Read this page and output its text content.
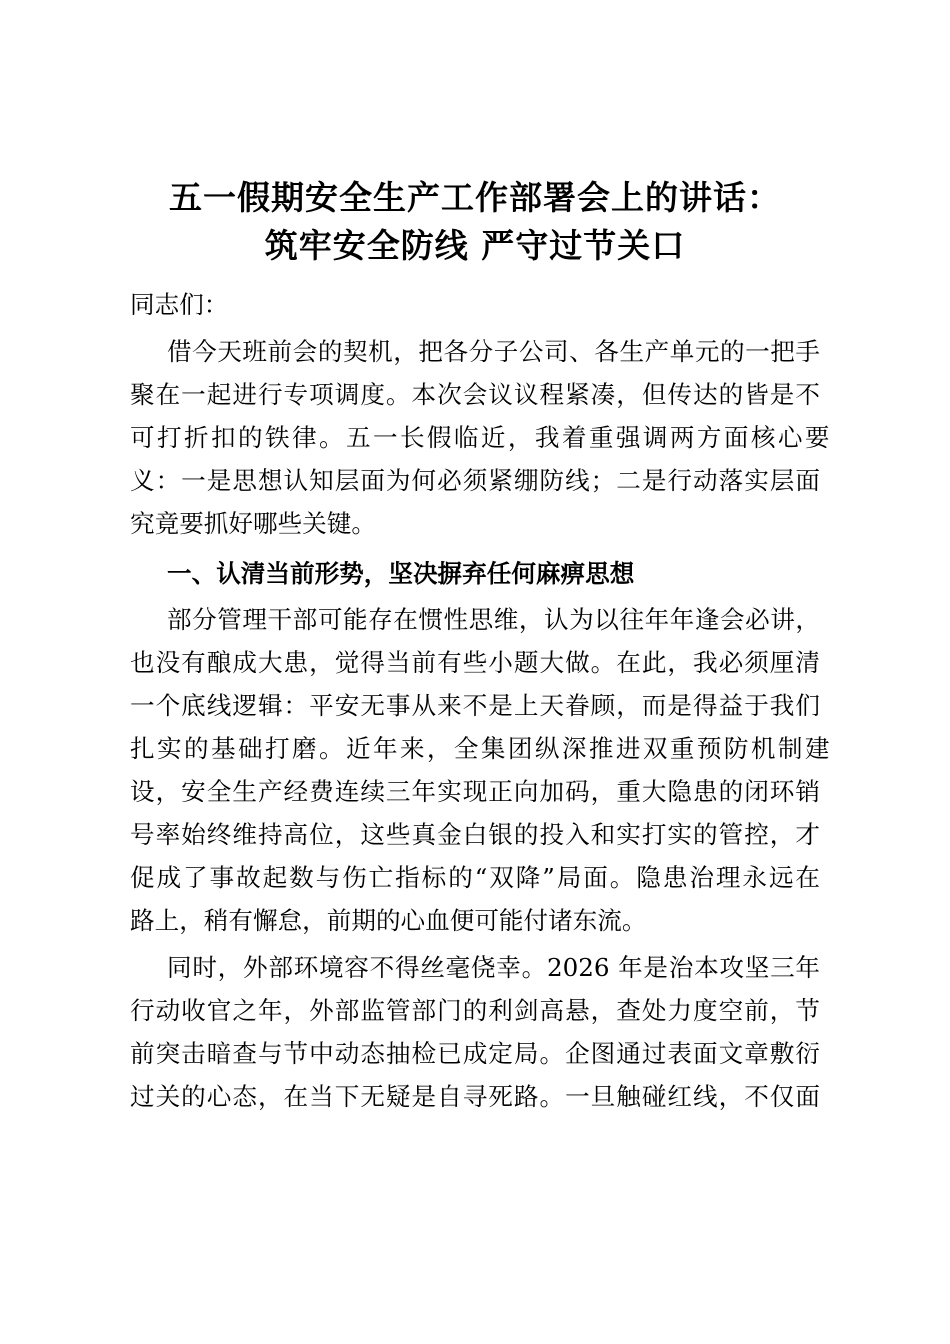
五一假期安全生产工作部署会上的讲话：
筑牢安全防线 严守过节关口
同志们：
借今天班前会的契机，把各分子公司、各生产单元的一把手
聚在一起进行专项调度。本次会议议程紧凑，但传达的皆是不
可打折扣的铁律。五一长假临近，我着重强调两方面核心要
义：一是思想认知层面为何必须紧绷防线；二是行动落实层面
究竟要抓好哪些关键。
一、认清当前形势，坚决摒弃任何麻痹思想
部分管理干部可能存在惯性思维，认为以往年年逢会必讲，
也没有酿成大患，觉得当前有些小题大做。在此，我必须厘清
一个底线逻辑：平安无事从来不是上天眷顾，而是得益于我们
扎实的基础打磨。近年来，全集团纵深推进双重预防机制建
设，安全生产经费连续三年实现正向加码，重大隐患的闭环销
号率始终维持高位，这些真金白银的投入和实打实的管控，才
促成了事故起数与伤亡指标的“双降”局面。隐患治理永远在
路上，稍有懈怠，前期的心血便可能付诸东流。
同时，外部环境容不得丝毫侥幸。2026 年是治本攻坚三年
行动收官之年，外部监管部门的利剑高悬，查处力度空前，节
前突击暗查与节中动态抽检已成定局。企图通过表面文章敷衍
过关的心态，在当下无疑是自寻死路。一旦触碰红线，不仅面
